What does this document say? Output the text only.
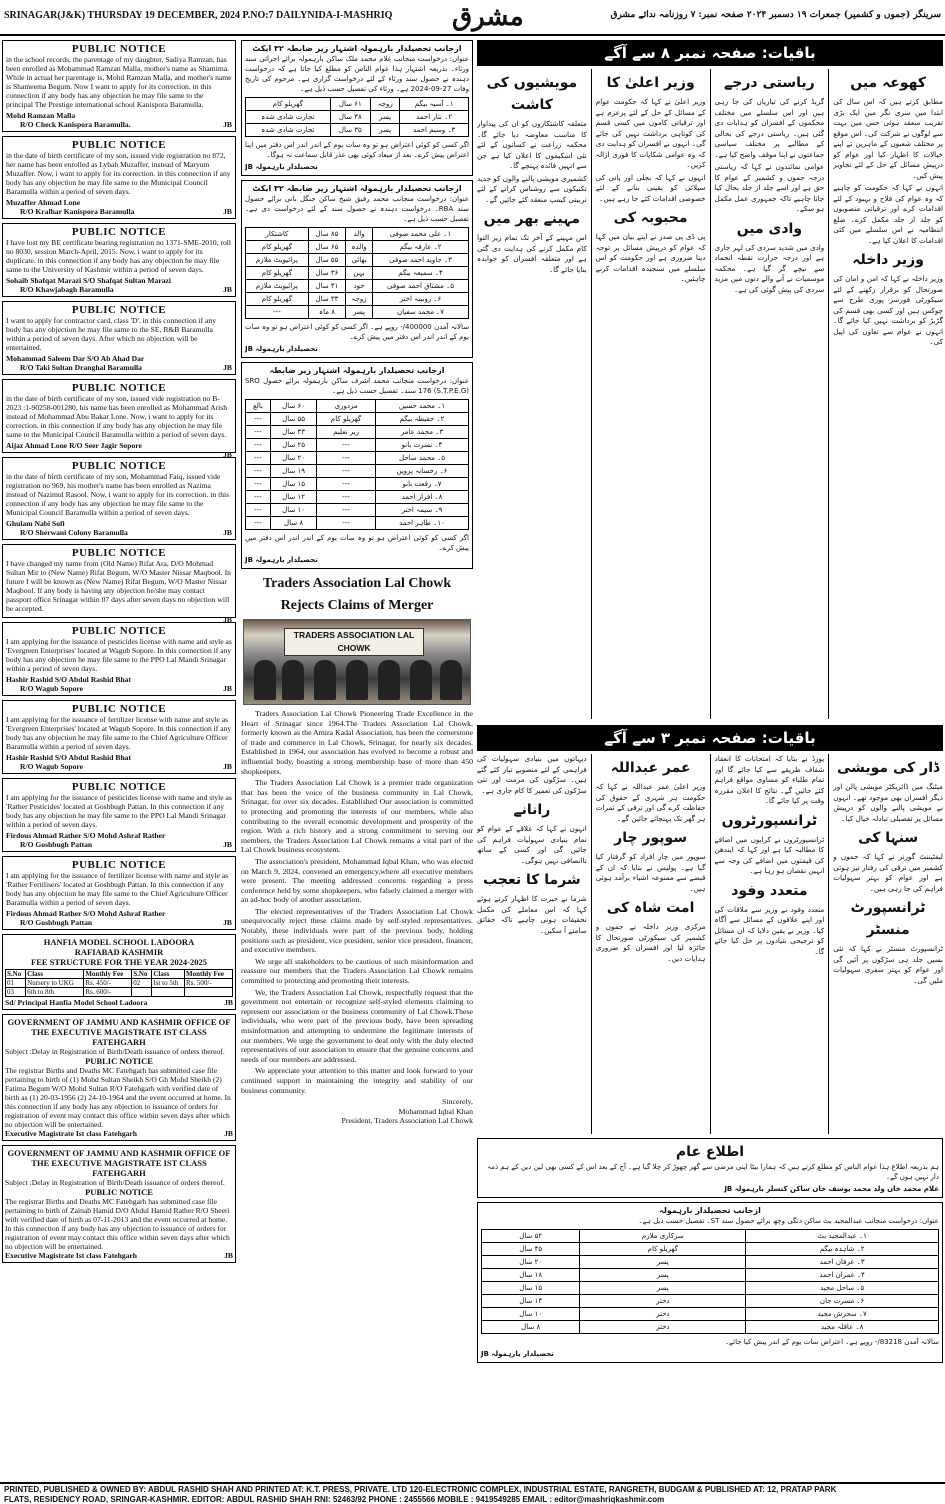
SRINAGAR(J&K) THURSDAY 19 DECEMBER, 2024 P.NO:7 DAILYNIDA-I-MASHRIQ مشرق	سرینگر (جموں و کشمیر) جمعرات ۱۹ دسمبر ۲۰۲۴ صفحہ نمبر: ۷ روزنامہ ندائے مشرق
PUBLIC NOTICE
in the school records, the parentage of my daughter, Sadiya Ramzan, has been enrolled as Mohammad Ramzan Malla, mother's name as Shamima. While in actual her parentage is, Mohd Ramzan Malla, and mother's name is Shameema Begum. Now I want to apply for its correction. in this connection if any body has any objection he may file same to the principal The Prestige international school Kanispora Baramulla.
Mohd Ramzan Malla
R/O Check Kanispora Baramulla.	JB
PUBLIC NOTICE
in the date of birth certificate of my son, issued vide registration no 872, her name has been enrolled as Lybah Muzaffer, instead of Maryum Muzaffer. Now, i want to apply for its correction. in this connection if any body has any objection he may file same to the Municipal Council Baramulla within a period of seven days.
Muzaffer Ahmad Lone
R/O Kralhar Kanispora Baramulla	JB
PUBLIC NOTICE
I have lost my BE certificate bearing registration no 1371-SME-2010, roll no 8030, session March-April, 2015. Now, i want to apply for its duplicate. in this connection if any body has any objection he may file same to the University of Kashmir within a period of seven days.
Sohaib Shafqat Marazi S/O Shafqat Sultan Marazi
R/O Khawjabagh Baramulla	JB
PUBLIC NOTICE
I want to apply for contractor card, class 'D'. in this connection if any body has any objection he may file same to the SE, R&B Baramulla within a period of seven days. After which no objection will be entertained.
Mohammad Saleem Dar S/O Ab Ahad Dar
R/O Taki Sultan Dranghal Baramulla	JB
PUBLIC NOTICE
in the date of birth certificate of my son, issued vide registration no B-2023 :1-90258-001280, his name has been enrolled as Mohammad Arish instead of Mohammad Abu Bakar Lone. Now, i want to apply for its correction. in this connection if any body has any objection he may file same to the Municipal Council Baramulla within a period of seven days.
Aijaz Ahmad Lone R/O Seer Jagir Sopore
JB
PUBLIC NOTICE
in the date of birth certificate of my son, Mohammad Faiq, issued vide registration no 969, his mother's name has been enrolled as Nazima instead of Nazimul Rasool. Now, i want to apply for its correction. in this connection if any body has any objection he may file same to the Municipal Council Baramulla within a period of seven days.
Ghulam Nabi Sofi
R/O Sherwani Colony Baramulla	JB
PUBLIC NOTICE
I have changed my name from (Old Name) Rifat Ara, D/O Mohmad Sultan Mir to (New Name) Rifat Begum, W/O Master Nissar Maqbool. In future I will be known as (New Name) Rifat Begum, W/O Master Nissar Maqbool. If any body is having any objection he/she may contact passport office Srinagar within 07 days after seven days no objection will be accepted.
JB
PUBLIC NOTICE
I am applying for the issuance of pesticides license with name and style as 'Evergreen Enterprises' located at Wagub Sopore. In this connection if any body has any objection he may file same to the PPO Lal Mandi Srinagar within a period of seven days.
Hashir Rashid S/O Abdul Rashid Bhat
R/O Wagub Sopore	JB
PUBLIC NOTICE
I am applying for the issuance of fertilizer license with name and style as 'Evergreen Enterprises' located at Wagub Sopore. In this connection if any body has any objection he may file same to the Chief Agriculture Officer Baramulla within a period of seven days.
Hashir Rashid S/O Abdul Rashid Bhat
R/O Wagub Sopore	JB
PUBLIC NOTICE
I am applying for the issuance of pesticides license with name and style as 'Rather Pesticides' located at Goshbugh Pattan. In this connection if any body has any objection he may file same to the PPO Lal Mandi Srinagar within a period of seven days.
Firdous Ahmad Rather S/O Mohd Ashraf Rather
R/O Goshbugh Pattan	JB
PUBLIC NOTICE
I am applying for the issuance of fertilizer license with name and style as 'Rather Fertilisers' located at Goshbugh Pattan. In this connection if any body has any objection he may file same to the Chief Agriculture Officer Baramulla within a period of seven days.
Firdous Ahmad Rather S/O Mohd Ashraf Rather
R/O Goshbugh Pattan	JB
HANFIA MODEL SCHOOL LADOORA
RAFIABAD KASHMIR
FEE STRUCTURE FOR THE YEAR 2024-2025
S.No	Class	Monthly Fee	S.No	Class	Monthly Fee
01	Nursery to UKG	Rs. 450/-	02	Ist to 5th	Rs. 500/-
03	6th to 8th	Rs. 600/-			
Sd/ Principal Hanfia Model School Ladoora	JB
GOVERNMENT OF JAMMU AND KASHMIR OFFICE OF THE EXECUTIVE MAGISTRATE IST CLASS FATEHGARH
Subject :Delay in Registration of Birth/Death issuance of orders thereof.
PUBLIC NOTICE
The registrar Births and Deaths MC Fatehgarh has submitted case file pertaining to birth of (1) Mohd Sultan Sheikh S/O Gh Mohd Sheikh (2) Fatima Begum W/O Mohd Sultan R/O Fatehgarh with verified date of birth as (1) 20-03-1956 (2) 24-10-1964 and the event occurred at home. In this connection if any body has any objection to issuance of orders for registration of event may contact this office within seven days after which no objection will be entertained.
Executive Magistrate Ist class Fatehgarh	JB
GOVERNMENT OF JAMMU AND KASHMIR OFFICE OF THE EXECUTIVE MAGISTRATE IST CLASS FATEHGARH
Subject :Delay in Registration of Birth/Death issuance of orders thereof.
PUBLIC NOTICE
The registrar Births and Deaths MC Fatehgarh has submitted case file pertaining to birth of Zainab Hamid D/O Abdul Hamid Rather R/O Sheeri with verified date of birth as 07-11-2013 and the event occurred at home. In this connection if any body has any objection to issuance of orders for registration of event may contact this office within seven days after which no objection will be entertained.
Executive Magistrate Ist class Fatehgarh	JB
ازجانب تحصیلدار بارہمولہ اشتہار زیر ضابطہ ۳۲ ایکٹ
عنوان: درخواست منجانب غلام محمد ملک ساکن بارہمولہ برائے اجرائی سند ورثاء۔ بذریعہ اشتہار ہذا عوام الناس کو مطلع کیا جاتا ہے کہ درخواست دہندہ نے حصول سند ورثاء کے لئے درخواست گزاری ہے۔ مرحوم کی تاریخ وفات 27-09-2024 ہے۔ ورثاء کی تفصیل حسب ذیل ہے۔
۱۔ آسیہ بیگم	زوجہ	۶۱ سال	گھریلو کام
۲۔ نثار احمد	پسر	۳۸ سال	تجارت شادی شدہ
۳۔ وسیم احمد	پسر	۳۵ سال	تجارت شادی شدہ
اگر کسی کو کوئی اعتراض ہو تو وہ سات یوم کے اندر اندر اس دفتر میں اپنا اعتراض پیش کرے۔ بعد از میعاد کوئی بھی عذر قابل سماعت نہ ہوگا۔
تحصیلدار بارہمولہ JB
ازجانب تحصیلدار بارہمولہ اشتہار زیر ضابطہ ۳۲ ایکٹ
عنوان: درخواست منجانب محمد رفیق شیخ ساکن جنگل بانی برائے حصول سند RBA۔ درخواست دہندہ نے حصول سند کے لئے درخواست دی ہے۔ تفصیل حسب ذیل ہے۔
۱۔ علی محمد صوفی	والد	۸۵ سال	کاشتکار
۲۔ عارفہ بیگم	والدہ	۶۵ سال	گھریلو کام
۳۔ جاوید احمد صوفی	بھائی	۵۵ سال	پرائیویٹ ملازم
۴۔ سمیعہ بیگم	بہن	۳۶ سال	گھریلو کام
۵۔ مشتاق احمد صوفی	خود	۴۱ سال	پرائیویٹ ملازم
۶۔ روبینہ اختر	زوجہ	۳۳ سال	گھریلو کام
۷۔ محمد سفیان	پسر	۸ ماہ	---
سالانہ آمدن 400000/- روپے ہے۔ اگر کسی کو کوئی اعتراض ہو تو وہ سات یوم کے اندر اندر اس دفتر میں پیش کرے۔
تحصیلدار بارہمولہ JB
ازجانب تحصیلدار بارہمولہ اشتہار زیر ضابطہ
عنوان: درخواست منجانب محمد اشرف ساکن بارہمولہ برائے حصول SRO 176 (S.T.P.E.G) سند۔ تفصیل حسب ذیل ہے۔
۱۔ محمد حسین	مزدوری	۶۰ سال	بالغ
۲۔ حفیظہ بیگم	گھریلو کام	۵۵ سال	---
۳۔ محمد عامر	زیر تعلیم	۳۳ سال	---
۴۔ نسرت بانو	---	۲۵ سال	---
۵۔ محمد ساحل	---	۲۰ سال	---
۶۔ رخسانہ پروین	---	۱۹ سال	---
۷۔ رفعت بانو	---	۱۵ سال	---
۸۔ افراز احمد	---	۱۲ سال	---
۹۔ سیمہ اختر	---	۱۰ سال	---
۱۰۔ طاہر احمد	---	۸ سال	---
اگر کسی کو کوئی اعتراض ہو تو وہ سات یوم کے اندر اندر اس دفتر میں پیش کرے۔
تحصیلدار بارہمولہ JB
Traders Association Lal Chowk
Rejects Claims of Merger
TRADERS ASSOCIATION LAL CHOWK

Traders Association Lal Chowk Pioneering Trade Excellence in the Heart of Srinagar since 1964.The Traders Association Lal Chowk, formerly known as the Amira Kadal Association, has been the cornerstone of trade and commerce in Lal Chowk, Srinagar, for nearly six decades. Established in 1964, our association has evolved to become a robust and influential body, boasting a strong membership base of more than 450 shopkeepers.

The Traders Association Lal Chowk is a premier trade organization that has been the voice of the business community in Lal Chowk, Srinagar, for over six decades. Established Our association is committed to protecting and promoting the interests of our members, while also contributing to the overall economic development and prosperity of the region. With a rich history and a strong commitment to serving our members, the Traders Association Lal Chowk remains a vital part of the Lal Chowk business ecosystem.

The association's president, Mohammad Iqbal Khan, who was elected on March 9, 2024, convened an emergency,where all executive members were present. The meeting addressed concerns regarding a press conference held by some shopkeepers, who falsely claimed a merger with an ad-hoc body of another association.

The elected representatives of the Traders Association Lal Chowk unequivocally reject these claims made by self-styled representatives. Notably, these individuals were part of the previous body, holding positions such as president, vice president, senior vice president, financer, and executive members.

We urge all stakeholders to be cautious of such misinformation and reassure our members that the Traders Association Lal Chowk remains committed to protecting and promoting their interests.

We, the Traders Association Lal Chowk, respectfully request that the government not entertain or recognize self-styled elements claiming to represent our association or the business community of Lal Chowk.These individuals, who were part of the previous body, have been spreading misinformation and attempting to undermine the legitimate interests of our members. We urge the government to deal only with the duly elected representatives of our association to ensure that the genuine concerns and needs of our members are addressed.

We appreciate your attention to this matter and look forward to your continued support in maintaining the integrity and stability of our business community.

Sincerely,
Mohammad Iqbal Khan
President, Traders Association Lal Chowk
باقیات: صفحہ نمبر ۸ سے آگے
کھوعہ میں

مطابق کرتے ہیں کہ اس سال کی ابتدا میں سری نگر میں ایک بڑی تقریب منعقد ہوئی جس میں بہت سے لوگوں نے شرکت کی۔ اس موقع پر مختلف شعبوں کے ماہرین نے اپنے خیالات کا اظہار کیا اور عوام کو درپیش مسائل کے حل کے لئے تجاویز پیش کیں۔

انہوں نے کہا کہ حکومت کو چاہیے کہ وہ عوام کی فلاح و بہبود کے لئے اقدامات کرے اور ترقیاتی منصوبوں کو جلد از جلد مکمل کرے۔ ضلع انتظامیہ نے اس سلسلے میں کئی اقدامات کا اعلان کیا ہے۔

وزیر داخلہ

وزیر داخلہ نے کہا کہ امن و امان کی صورتحال کو برقرار رکھنے کے لئے سیکورٹی فورسز پوری طرح سے چوکس ہیں اور کسی بھی قسم کی گڑبڑ کو برداشت نہیں کیا جائے گا۔ انہوں نے عوام سے تعاون کی اپیل کی۔

ریاستی درجے

گریڈ کرنے کی تیاریاں کی جا رہی ہیں اور اس سلسلے میں مختلف محکموں کے افسران کو ہدایات دی گئی ہیں۔ ریاستی درجے کی بحالی کے مطالبے پر مختلف سیاسی جماعتوں نے اپنا موقف واضح کیا ہے۔

عوامی نمائندوں نے کہا کہ ریاستی درجہ جموں و کشمیر کے عوام کا حق ہے اور اسے جلد از جلد بحال کیا جانا چاہیے تاکہ جمہوری عمل مکمل ہو سکے۔

وادی میں

وادی میں شدید سردی کی لہر جاری ہے اور درجہ حرارت نقطہ انجماد سے نیچے گر گیا ہے۔ محکمہ موسمیات نے آنے والے دنوں میں مزید سردی کی پیش گوئی کی ہے۔

وزیر اعلیٰ کا

وزیر اعلیٰ نے کہا کہ حکومت عوام کے مسائل کے حل کے لئے پرعزم ہے اور ترقیاتی کاموں میں کسی قسم کی کوتاہی برداشت نہیں کی جائے گی۔ انہوں نے افسران کو ہدایت دی کہ وہ عوامی شکایات کا فوری ازالہ کریں۔

انہوں نے کہا کہ بجلی اور پانی کی سپلائی کو یقینی بنانے کے لئے خصوصی اقدامات کئے جا رہے ہیں۔

محبوبہ کی

پی ڈی پی صدر نے اپنے بیان میں کہا کہ عوام کو درپیش مسائل پر توجہ دینا ضروری ہے اور حکومت کو اس سلسلے میں سنجیدہ اقدامات کرنے چاہئیں۔

مویشیوں کی کاشت

متعلقہ کاشتکاروں کو ان کی پیداوار کا مناسب معاوضہ دیا جائے گا۔ محکمہ زراعت نے کسانوں کے لئے نئی اسکیموں کا اعلان کیا ہے جن سے انہیں فائدہ پہنچے گا۔

کشمیری مویشی پالنے والوں کو جدید تکنیکوں سے روشناس کرانے کے لئے تربیتی کیمپ منعقد کئے جائیں گے۔

مہینے بھر میں

اس مہینے کے آخر تک تمام زیر التوا کام مکمل کرنے کی ہدایت دی گئی ہے اور متعلقہ افسران کو جوابدہ بنایا جائے گا۔

باقیات: صفحہ نمبر ۳ سے آگے
ڈار کی مویشی

میٹنگ میں ڈائریکٹر مویشی پالن اور دیگر افسران بھی موجود تھے۔ انہوں نے مویشی پالنے والوں کو درپیش مسائل پر تفصیلی تبادلہ خیال کیا۔

سنہا کی

لیفٹیننٹ گورنر نے کہا کہ جموں و کشمیر میں ترقی کی رفتار تیز ہوئی ہے اور عوام کو بہتر سہولیات فراہم کی جا رہی ہیں۔

ٹرانسپورٹ منسٹر

ٹرانسپورٹ منسٹر نے کہا کہ نئی بسیں جلد ہی سڑکوں پر آئیں گی اور عوام کو بہتر سفری سہولیات ملیں گی۔

بورڈ نے بتایا کہ امتحانات کا انعقاد شفاف طریقے سے کیا جائے گا اور تمام طلباء کو مساوی مواقع فراہم کئے جائیں گے۔ نتائج کا اعلان مقررہ وقت پر کیا جائے گا۔

ٹرانسپورٹروں

ٹرانسپورٹروں نے کرایوں میں اضافے کا مطالبہ کیا ہے اور کہا کہ ایندھن کی قیمتوں میں اضافے کی وجہ سے انہیں نقصان ہو رہا ہے۔

متعدد وفود

متعدد وفود نے وزیر سے ملاقات کی اور اپنے علاقوں کے مسائل سے آگاہ کیا۔ وزیر نے یقین دلایا کہ ان مسائل کو ترجیحی بنیادوں پر حل کیا جائے گا۔

عمر عبداللہ

وزیر اعلیٰ عمر عبداللہ نے کہا کہ حکومت ہر شہری کے حقوق کی حفاظت کرے گی اور ترقی کے ثمرات ہر گھر تک پہنچائے جائیں گے۔

سوپور چار

سوپور میں چار افراد کو گرفتار کیا گیا ہے۔ پولیس نے بتایا کہ ان کے قبضے سے ممنوعہ اشیاء برآمد ہوئی ہیں۔

امت شاہ کی

مرکزی وزیر داخلہ نے جموں و کشمیر کی سیکورٹی صورتحال کا جائزہ لیا اور افسران کو ضروری ہدایات دیں۔

دیہاتوں میں بنیادی سہولیات کی فراہمی کے لئے منصوبے تیار کئے گئے ہیں۔ سڑکوں کی مرمت اور نئی سڑکوں کی تعمیر کا کام جاری ہے۔

رانانے

انہوں نے کہا کہ علاقے کے عوام کو تمام بنیادی سہولیات فراہم کی جائیں گی اور کسی کے ساتھ ناانصافی نہیں ہوگی۔

شرما کا تعجب

شرما نے حیرت کا اظہار کرتے ہوئے کہا کہ اس معاملے کی مکمل تحقیقات ہونی چاہیے تاکہ حقائق سامنے آ سکیں۔

اطلاع عام
ہم بذریعہ اطلاع ہذا عوام الناس کو مطلع کرتے ہیں کہ ہمارا بیٹا اپنی مرضی سے گھر چھوڑ کر چلا گیا ہے۔ آج کے بعد اس کے کسی بھی لین دین کے ہم ذمہ دار نہیں ہوں گے۔
غلام محمد خان ولد محمد یوسف خان ساکن کنسلر بارہمولہ JB
ازجانب تحصیلدار بارہمولہ
عنوان: درخواست منجانب عبدالمجید بٹ ساکن دنگی وچھ برائے حصول سند ST۔ تفصیل حسب ذیل ہے۔
۱۔ عبدالمجید بٹ	سرکاری ملازم	۵۲ سال
۲۔ شاہدہ بیگم	گھریلو کام	۴۵ سال
۳۔ عرفان احمد	پسر	۲۰ سال
۴۔ عمران احمد	پسر	۱۸ سال
۵۔ ساحل مجید	پسر	۱۵ سال
۶۔ مسرت جان	دختر	۱۳ سال
۷۔ سحرش مجید	دختر	۱۰ سال
۸۔ عاقلہ مجید	دختر	۸ سال
سالانہ آمدن 83218/- روپے ہے۔ اعتراض سات یوم کے اندر پیش کیا جائے۔
تحصیلدار بارہمولہ JB
PRINTED, PUBLISHED & OWNED BY: ABDUL RASHID SHAH AND PRINTED AT: K.T. PRESS, PRIVATE. LTD 120-ELECTRONIC COMPLEX, INDUSTRIAL ESTATE, RANGRETH, BUDGAM & PUBLISHED AT: 12, PRATAP PARK
FLATS, RESIDENCY ROAD, SRINGAR-KASHMIR. EDITOR: ABDUL RASHID SHAH RNI: 52463/92 PHONE : 2455566 MOBILE : 9419549285 EMAIL : editor@mashriqkashmir.com
